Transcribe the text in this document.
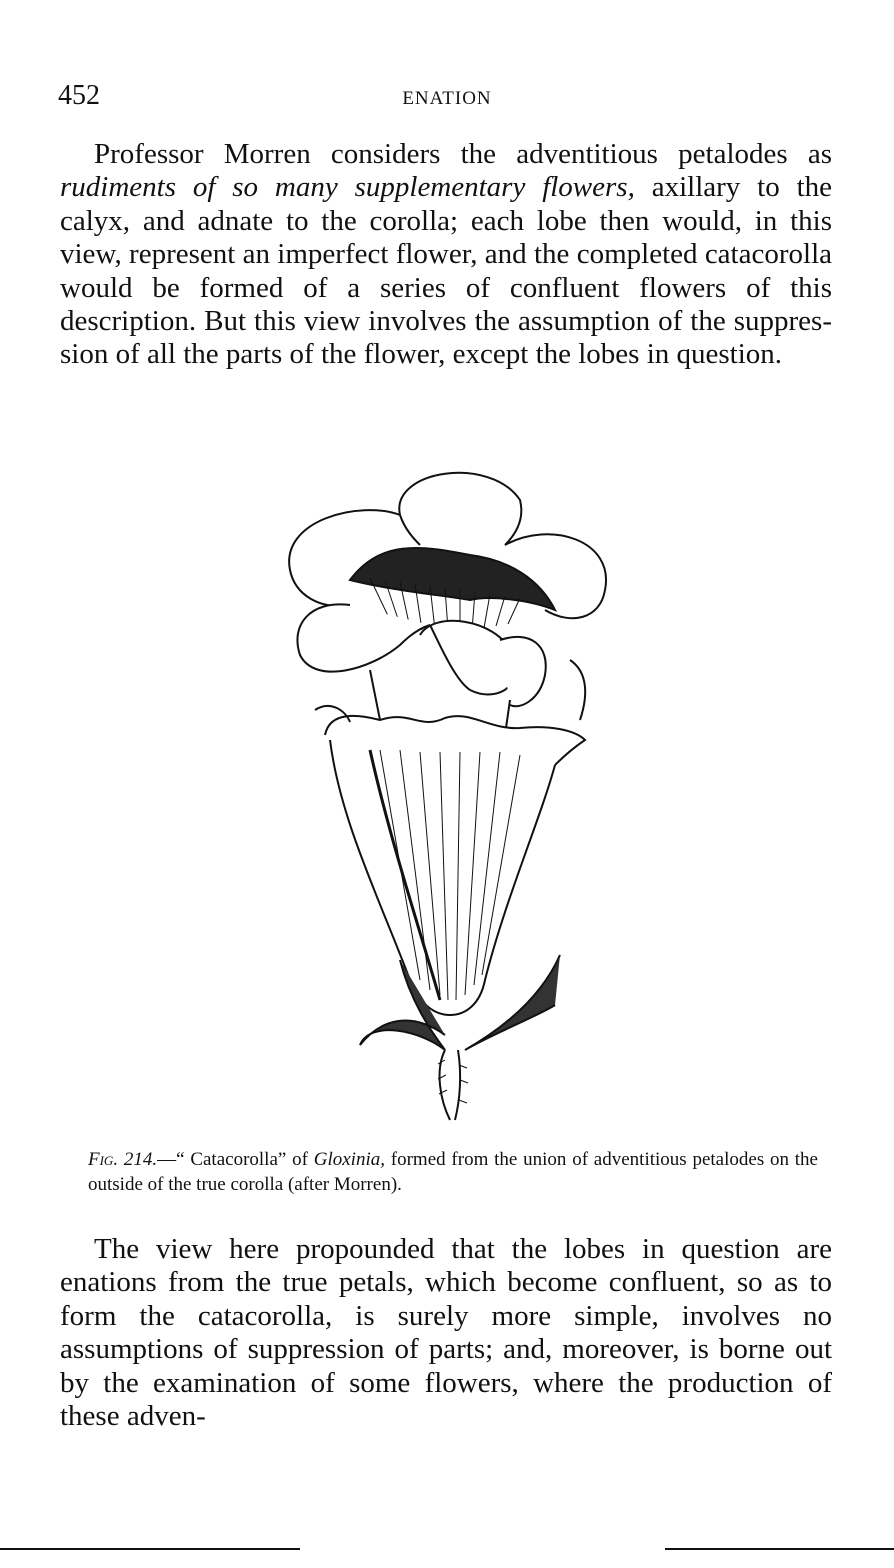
452	ENATION

Professor Morren considers the adventitious petalodes as rudiments of so many supplementary flowers, axillary to the calyx, and adnate to the corolla; each lobe then would, in this view, represent an imperfect flower, and the completed catacorolla would be formed of a series of confluent flowers of this description. But this view involves the assumption of the suppression of all the parts of the flower, except the lobes in question.

Fig. 214.—“ Catacorolla” of Gloxinia, formed from the union of adventitious petalodes on the outside of the true corolla (after Morren).

The view here propounded that the lobes in question are enations from the true petals, which become confluent, so as to form the catacorolla, is surely more simple, involves no assumptions of suppression of parts; and, moreover, is borne out by the examination of some flowers, where the production of these adven-
